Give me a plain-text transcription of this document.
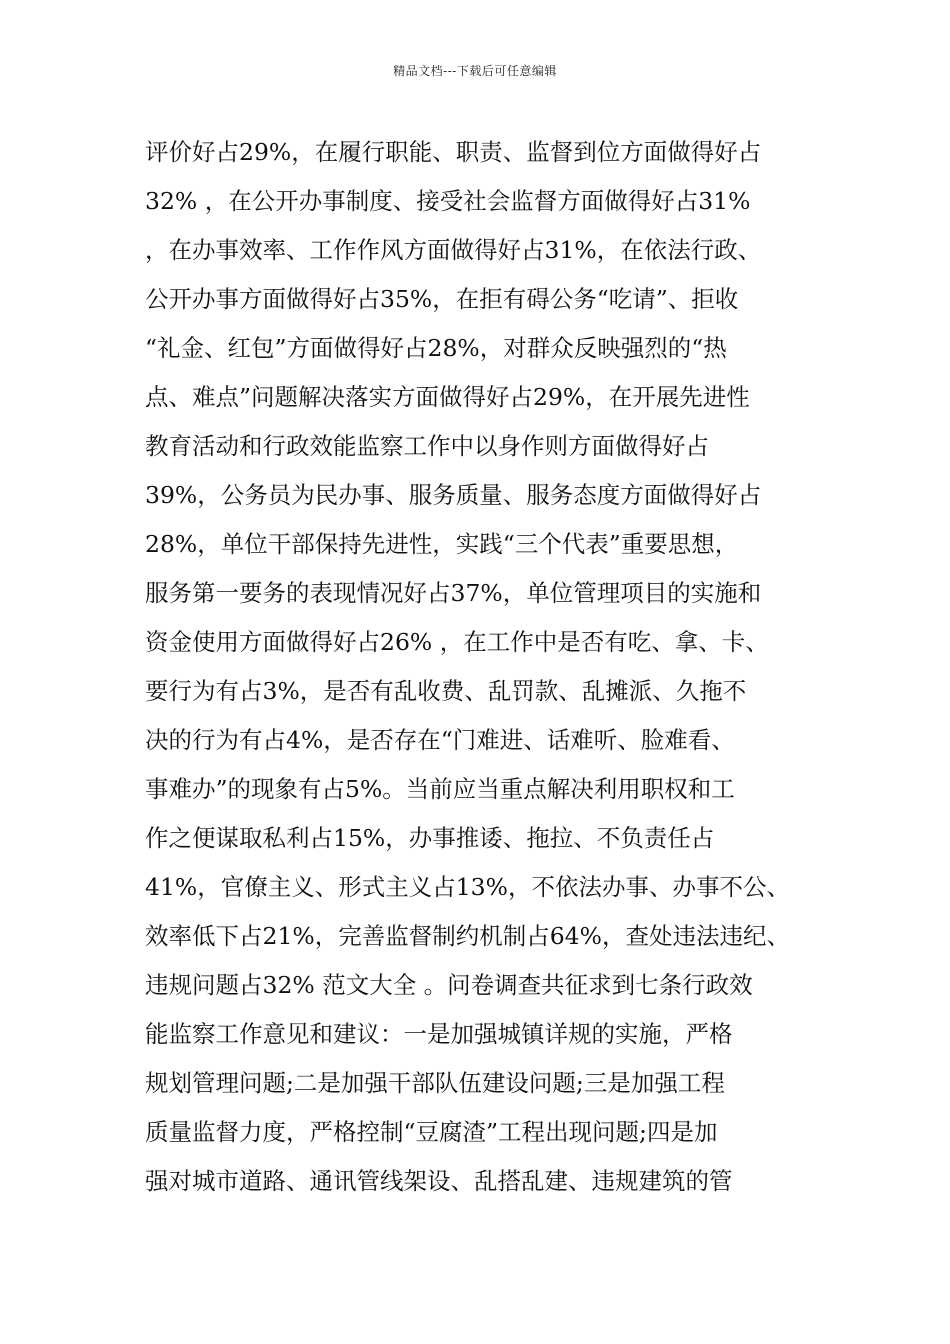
精品文档---下载后可任意编辑
评价好占29%，在履行职能、职责、监督到位方面做得好占
32% ，在公开办事制度、接受社会监督方面做得好占31%
，在办事效率、工作作风方面做得好占31%，在依法行政、
公开办事方面做得好占35%，在拒有碍公务“吃请”、拒收
“礼金、红包”方面做得好占28%，对群众反映强烈的“热
点、难点”问题解决落实方面做得好占29%，在开展先进性
教育活动和行政效能监察工作中以身作则方面做得好占
39%，公务员为民办事、服务质量、服务态度方面做得好占
28%，单位干部保持先进性，实践“三个代表”重要思想，
服务第一要务的表现情况好占37%，单位管理项目的实施和
资金使用方面做得好占26% ，在工作中是否有吃、拿、卡、
要行为有占3%，是否有乱收费、乱罚款、乱摊派、久拖不
决的行为有占4%，是否存在“门难进、话难听、脸难看、
事难办”的现象有占5%。当前应当重点解决利用职权和工
作之便谋取私利占15%，办事推诿、拖拉、不负责任占
41%，官僚主义、形式主义占13%，不依法办事、办事不公、
效率低下占21%，完善监督制约机制占64%，查处违法违纪、
违规问题占32% 范文大全 。问卷调查共征求到七条行政效
能监察工作意见和建议：一是加强城镇详规的实施，严格
规划管理问题;二是加强干部队伍建设问题;三是加强工程
质量监督力度，严格控制“豆腐渣”工程出现问题;四是加
强对城市道路、通讯管线架设、乱搭乱建、违规建筑的管
